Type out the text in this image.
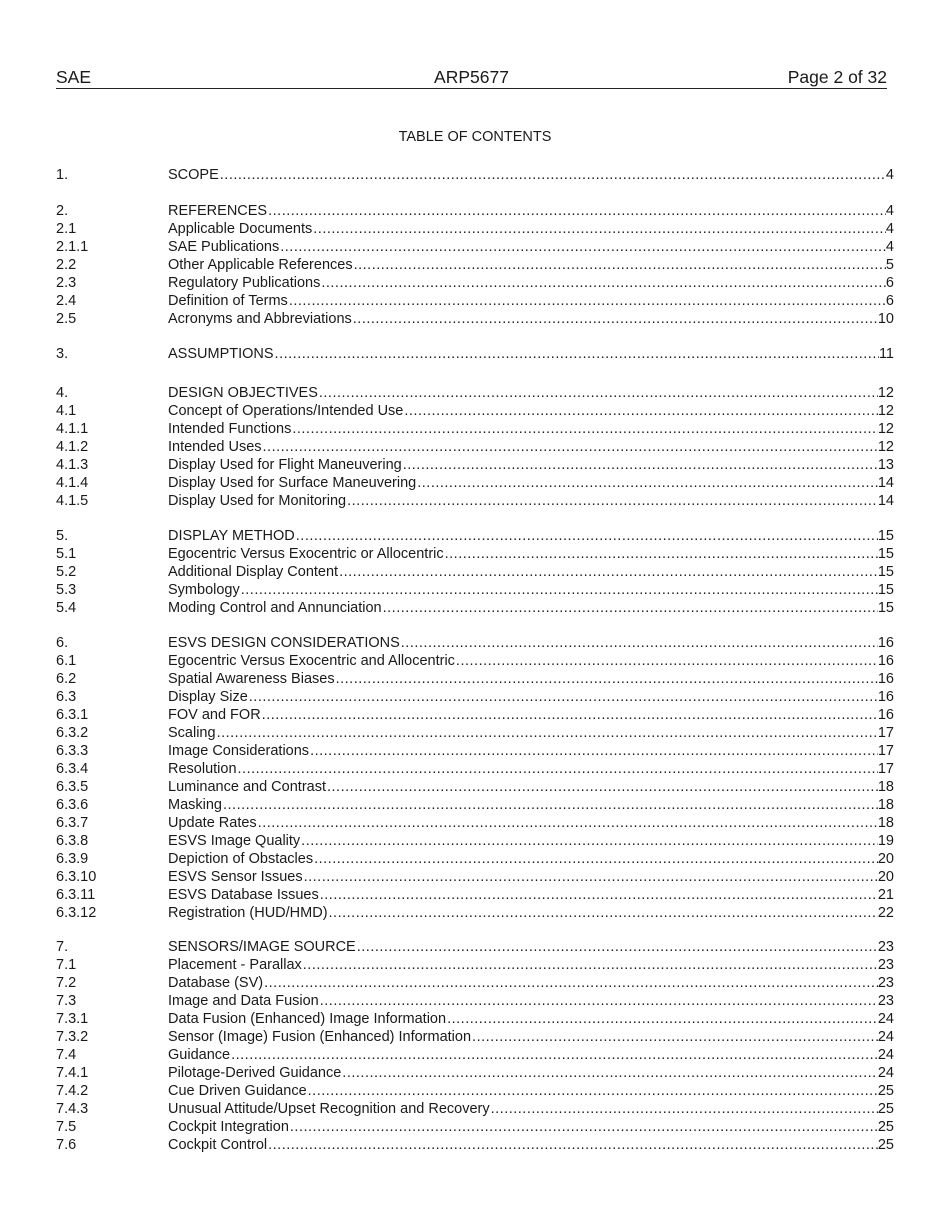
SAE	ARP5677	Page 2 of 32
TABLE OF CONTENTS
1.	SCOPE .....	4
2.	REFERENCES .....	4
2.1	Applicable Documents .....	4
2.1.1	SAE Publications .....	4
2.2	Other Applicable References .....	5
2.3	Regulatory Publications .....	6
2.4	Definition of Terms .....	6
2.5	Acronyms and Abbreviations .....	10
3.	ASSUMPTIONS .....	11
4.	DESIGN OBJECTIVES .....	12
4.1	Concept of Operations/Intended Use .....	12
4.1.1	Intended Functions .....	12
4.1.2	Intended Uses .....	12
4.1.3	Display Used for Flight Maneuvering .....	13
4.1.4	Display Used for Surface Maneuvering .....	14
4.1.5	Display Used for Monitoring .....	14
5.	DISPLAY METHOD .....	15
5.1	Egocentric Versus Exocentric or Allocentric .....	15
5.2	Additional Display Content .....	15
5.3	Symbology .....	15
5.4	Moding Control and Annunciation .....	15
6.	ESVS DESIGN CONSIDERATIONS .....	16
6.1	Egocentric Versus Exocentric and Allocentric .....	16
6.2	Spatial Awareness Biases .....	16
6.3	Display Size .....	16
6.3.1	FOV and FOR .....	16
6.3.2	Scaling .....	17
6.3.3	Image Considerations .....	17
6.3.4	Resolution .....	17
6.3.5	Luminance and Contrast .....	18
6.3.6	Masking .....	18
6.3.7	Update Rates .....	18
6.3.8	ESVS Image Quality .....	19
6.3.9	Depiction of Obstacles .....	20
6.3.10	ESVS Sensor Issues .....	20
6.3.11	ESVS Database Issues .....	21
6.3.12	Registration (HUD/HMD) .....	22
7.	SENSORS/IMAGE SOURCE .....	23
7.1	Placement - Parallax .....	23
7.2	Database (SV) .....	23
7.3	Image and Data Fusion .....	23
7.3.1	Data Fusion (Enhanced) Image Information .....	24
7.3.2	Sensor (Image) Fusion (Enhanced) Information .....	24
7.4	Guidance .....	24
7.4.1	Pilotage-Derived Guidance .....	24
7.4.2	Cue Driven Guidance .....	25
7.4.3	Unusual Attitude/Upset Recognition and Recovery .....	25
7.5	Cockpit Integration .....	25
7.6	Cockpit Control .....	25
